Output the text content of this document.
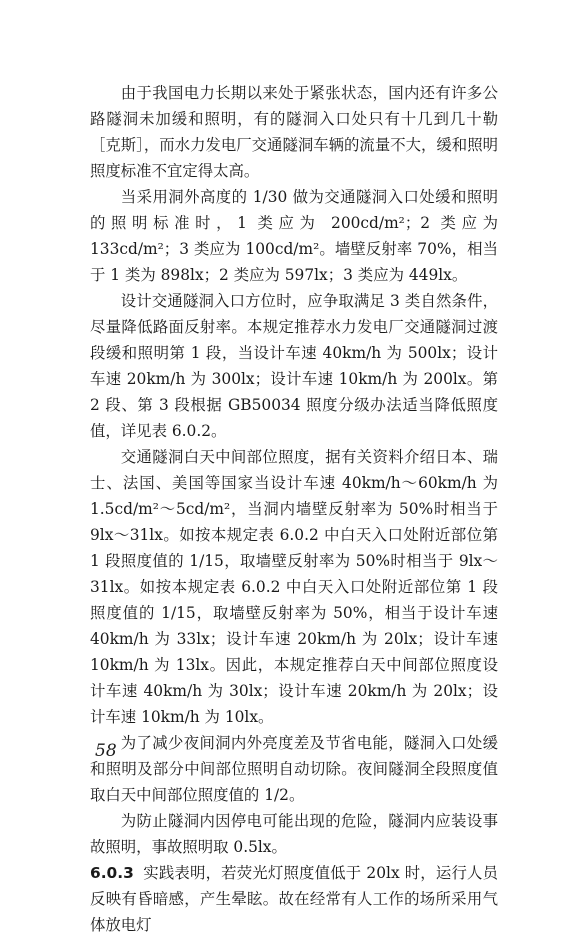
由于我国电力长期以来处于紧张状态，国内还有许多公路隧洞未加缓和照明，有的隧洞入口处只有十几到几十勒［克斯］，而水力发电厂交通隧洞车辆的流量不大，缓和照明照度标准不宜定得太高。

当采用洞外高度的 1/30 做为交通隧洞入口处缓和照明的照明标准时，1 类应为 200cd/m²；2 类应为 133cd/m²；3 类应为 100cd/m²。墙壁反射率 70%，相当于 1 类为 898lx；2 类应为 597lx；3 类应为 449lx。

设计交通隧洞入口方位时，应争取满足 3 类自然条件，尽量降低路面反射率。本规定推荐水力发电厂交通隧洞过渡段缓和照明第 1 段，当设计车速 40km/h 为 500lx；设计车速 20km/h 为 300lx；设计车速 10km/h 为 200lx。第 2 段、第 3 段根据 GB50034 照度分级办法适当降低照度值，详见表 6.0.2。

交通隧洞白天中间部位照度，据有关资料介绍日本、瑞士、法国、美国等国家当设计车速 40km/h～60km/h 为 1.5cd/m²～5cd/m²，当洞内墙壁反射率为 50%时相当于 9lx～31lx。如按本规定表 6.0.2 中白天入口处附近部位第 1 段照度值的 1/15，取墙壁反射率为 50%时相当于 9lx～31lx。如按本规定表 6.0.2 中白天入口处附近部位第 1 段照度值的 1/15，取墙壁反射率为 50%，相当于设计车速 40km/h 为 33lx；设计车速 20km/h 为 20lx；设计车速 10km/h 为 13lx。因此，本规定推荐白天中间部位照度设计车速 40km/h 为 30lx；设计车速 20km/h 为 20lx；设计车速 10km/h 为 10lx。

为了减少夜间洞内外亮度差及节省电能，隧洞入口处缓和照明及部分中间部位照明自动切除。夜间隧洞全段照度值取白天中间部位照度值的 1/2。

为防止隧洞内因停电可能出现的危险，隧洞内应装设事故照明，事故照明取 0.5lx。

6.0.3 实践表明，若荧光灯照度值低于 20lx 时，运行人员反映有昏暗感，产生晕眩。故在经常有人工作的场所采用气体放电灯

58
